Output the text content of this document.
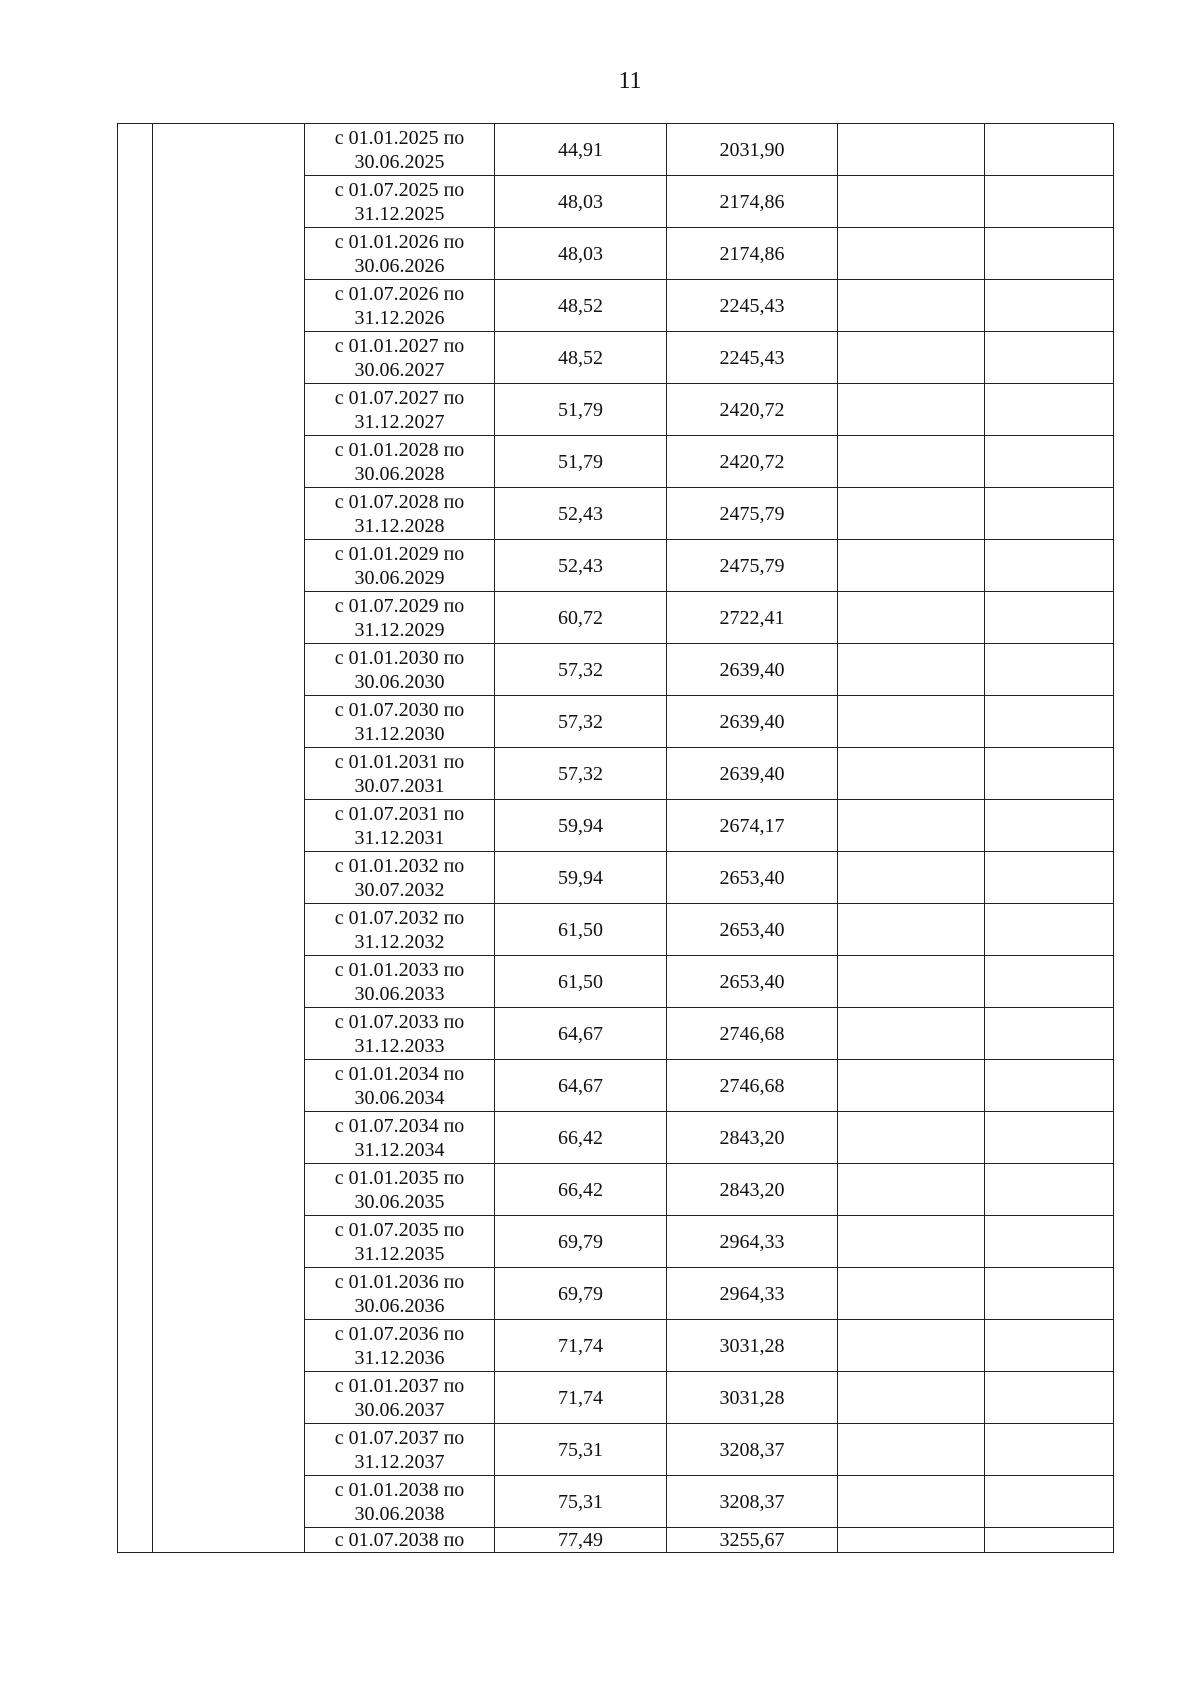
11

		с 01.01.2025 по
30.06.2025	44,91	2031,90		

		с 01.07.2025 по
31.12.2025	48,03	2174,86		

		с 01.01.2026 по
30.06.2026	48,03	2174,86		

		с 01.07.2026 по
31.12.2026	48,52	2245,43		

		с 01.01.2027 по
30.06.2027	48,52	2245,43		

		с 01.07.2027 по
31.12.2027	51,79	2420,72		

		с 01.01.2028 по
30.06.2028	51,79	2420,72		

		с 01.07.2028 по
31.12.2028	52,43	2475,79		

		с 01.01.2029 по
30.06.2029	52,43	2475,79		

		с 01.07.2029 по
31.12.2029	60,72	2722,41		

		с 01.01.2030 по
30.06.2030	57,32	2639,40		

		с 01.07.2030 по
31.12.2030	57,32	2639,40		

		с 01.01.2031 по
30.07.2031	57,32	2639,40		

		с 01.07.2031 по
31.12.2031	59,94	2674,17		

		с 01.01.2032 по
30.07.2032	59,94	2653,40		

		с 01.07.2032 по
31.12.2032	61,50	2653,40		

		с 01.01.2033 по
30.06.2033	61,50	2653,40		

		с 01.07.2033 по
31.12.2033	64,67	2746,68		

		с 01.01.2034 по
30.06.2034	64,67	2746,68		

		с 01.07.2034 по
31.12.2034	66,42	2843,20		

		с 01.01.2035 по
30.06.2035	66,42	2843,20		

		с 01.07.2035 по
31.12.2035	69,79	2964,33		

		с 01.01.2036 по
30.06.2036	69,79	2964,33		

		с 01.07.2036 по
31.12.2036	71,74	3031,28		

		с 01.01.2037 по
30.06.2037	71,74	3031,28		

		с 01.07.2037 по
31.12.2037	75,31	3208,37		

		с 01.01.2038 по
30.06.2038	75,31	3208,37		

		с 01.07.2038 по	77,49	3255,67		
